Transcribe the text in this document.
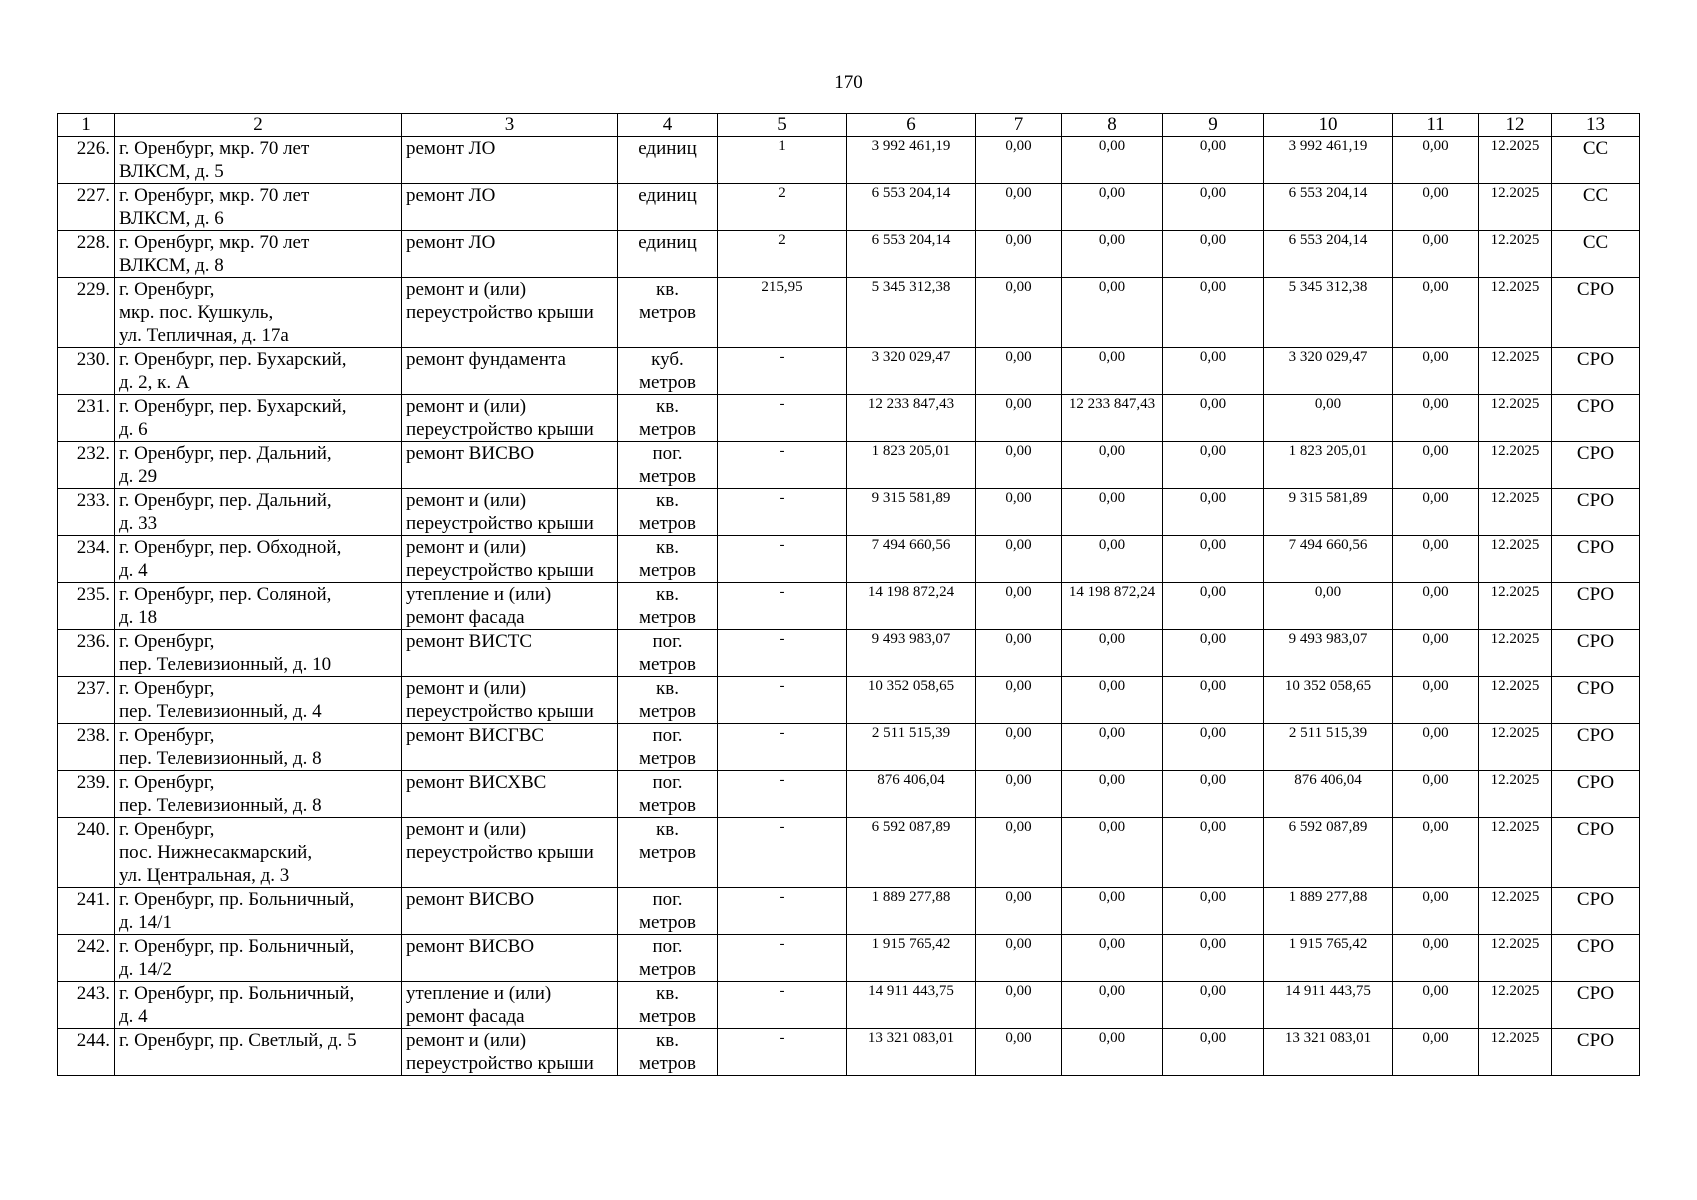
170
1	2	3	4	5	6	7	8	9	10	11	12	13
226.	г. Оренбург, мкр. 70 лет
ВЛКСМ, д. 5	ремонт ЛО	единиц	1	3 992 461,19	0,00	0,00	0,00	3 992 461,19	0,00	12.2025	СС
227.	г. Оренбург, мкр. 70 лет
ВЛКСМ, д. 6	ремонт ЛО	единиц	2	6 553 204,14	0,00	0,00	0,00	6 553 204,14	0,00	12.2025	СС
228.	г. Оренбург, мкр. 70 лет
ВЛКСМ, д. 8	ремонт ЛО	единиц	2	6 553 204,14	0,00	0,00	0,00	6 553 204,14	0,00	12.2025	СС
229.	г. Оренбург,
мкр. пос. Кушкуль,
ул. Тепличная, д. 17а	ремонт и (или)
переустройство крыши	кв.
метров	215,95	5 345 312,38	0,00	0,00	0,00	5 345 312,38	0,00	12.2025	СРО
230.	г. Оренбург, пер. Бухарский,
д. 2, к. А	ремонт фундамента	куб.
метров	-	3 320 029,47	0,00	0,00	0,00	3 320 029,47	0,00	12.2025	СРО
231.	г. Оренбург, пер. Бухарский,
д. 6	ремонт и (или)
переустройство крыши	кв.
метров	-	12 233 847,43	0,00	12 233 847,43	0,00	0,00	0,00	12.2025	СРО
232.	г. Оренбург, пер. Дальний,
д. 29	ремонт ВИСВО	пог.
метров	-	1 823 205,01	0,00	0,00	0,00	1 823 205,01	0,00	12.2025	СРО
233.	г. Оренбург, пер. Дальний,
д. 33	ремонт и (или)
переустройство крыши	кв.
метров	-	9 315 581,89	0,00	0,00	0,00	9 315 581,89	0,00	12.2025	СРО
234.	г. Оренбург, пер. Обходной,
д. 4	ремонт и (или)
переустройство крыши	кв.
метров	-	7 494 660,56	0,00	0,00	0,00	7 494 660,56	0,00	12.2025	СРО
235.	г. Оренбург, пер. Соляной,
д. 18	утепление и (или)
ремонт фасада	кв.
метров	-	14 198 872,24	0,00	14 198 872,24	0,00	0,00	0,00	12.2025	СРО
236.	г. Оренбург,
пер. Телевизионный, д. 10	ремонт ВИСТС	пог.
метров	-	9 493 983,07	0,00	0,00	0,00	9 493 983,07	0,00	12.2025	СРО
237.	г. Оренбург,
пер. Телевизионный, д. 4	ремонт и (или)
переустройство крыши	кв.
метров	-	10 352 058,65	0,00	0,00	0,00	10 352 058,65	0,00	12.2025	СРО
238.	г. Оренбург,
пер. Телевизионный, д. 8	ремонт ВИСГВС	пог.
метров	-	2 511 515,39	0,00	0,00	0,00	2 511 515,39	0,00	12.2025	СРО
239.	г. Оренбург,
пер. Телевизионный, д. 8	ремонт ВИСХВС	пог.
метров	-	876 406,04	0,00	0,00	0,00	876 406,04	0,00	12.2025	СРО
240.	г. Оренбург,
пос. Нижнесакмарский,
ул. Центральная, д. 3	ремонт и (или)
переустройство крыши	кв.
метров	-	6 592 087,89	0,00	0,00	0,00	6 592 087,89	0,00	12.2025	СРО
241.	г. Оренбург, пр. Больничный,
д. 14/1	ремонт ВИСВО	пог.
метров	-	1 889 277,88	0,00	0,00	0,00	1 889 277,88	0,00	12.2025	СРО
242.	г. Оренбург, пр. Больничный,
д. 14/2	ремонт ВИСВО	пог.
метров	-	1 915 765,42	0,00	0,00	0,00	1 915 765,42	0,00	12.2025	СРО
243.	г. Оренбург, пр. Больничный,
д. 4	утепление и (или)
ремонт фасада	кв.
метров	-	14 911 443,75	0,00	0,00	0,00	14 911 443,75	0,00	12.2025	СРО
244.	г. Оренбург, пр. Светлый, д. 5	ремонт и (или)
переустройство крыши	кв.
метров	-	13 321 083,01	0,00	0,00	0,00	13 321 083,01	0,00	12.2025	СРО
